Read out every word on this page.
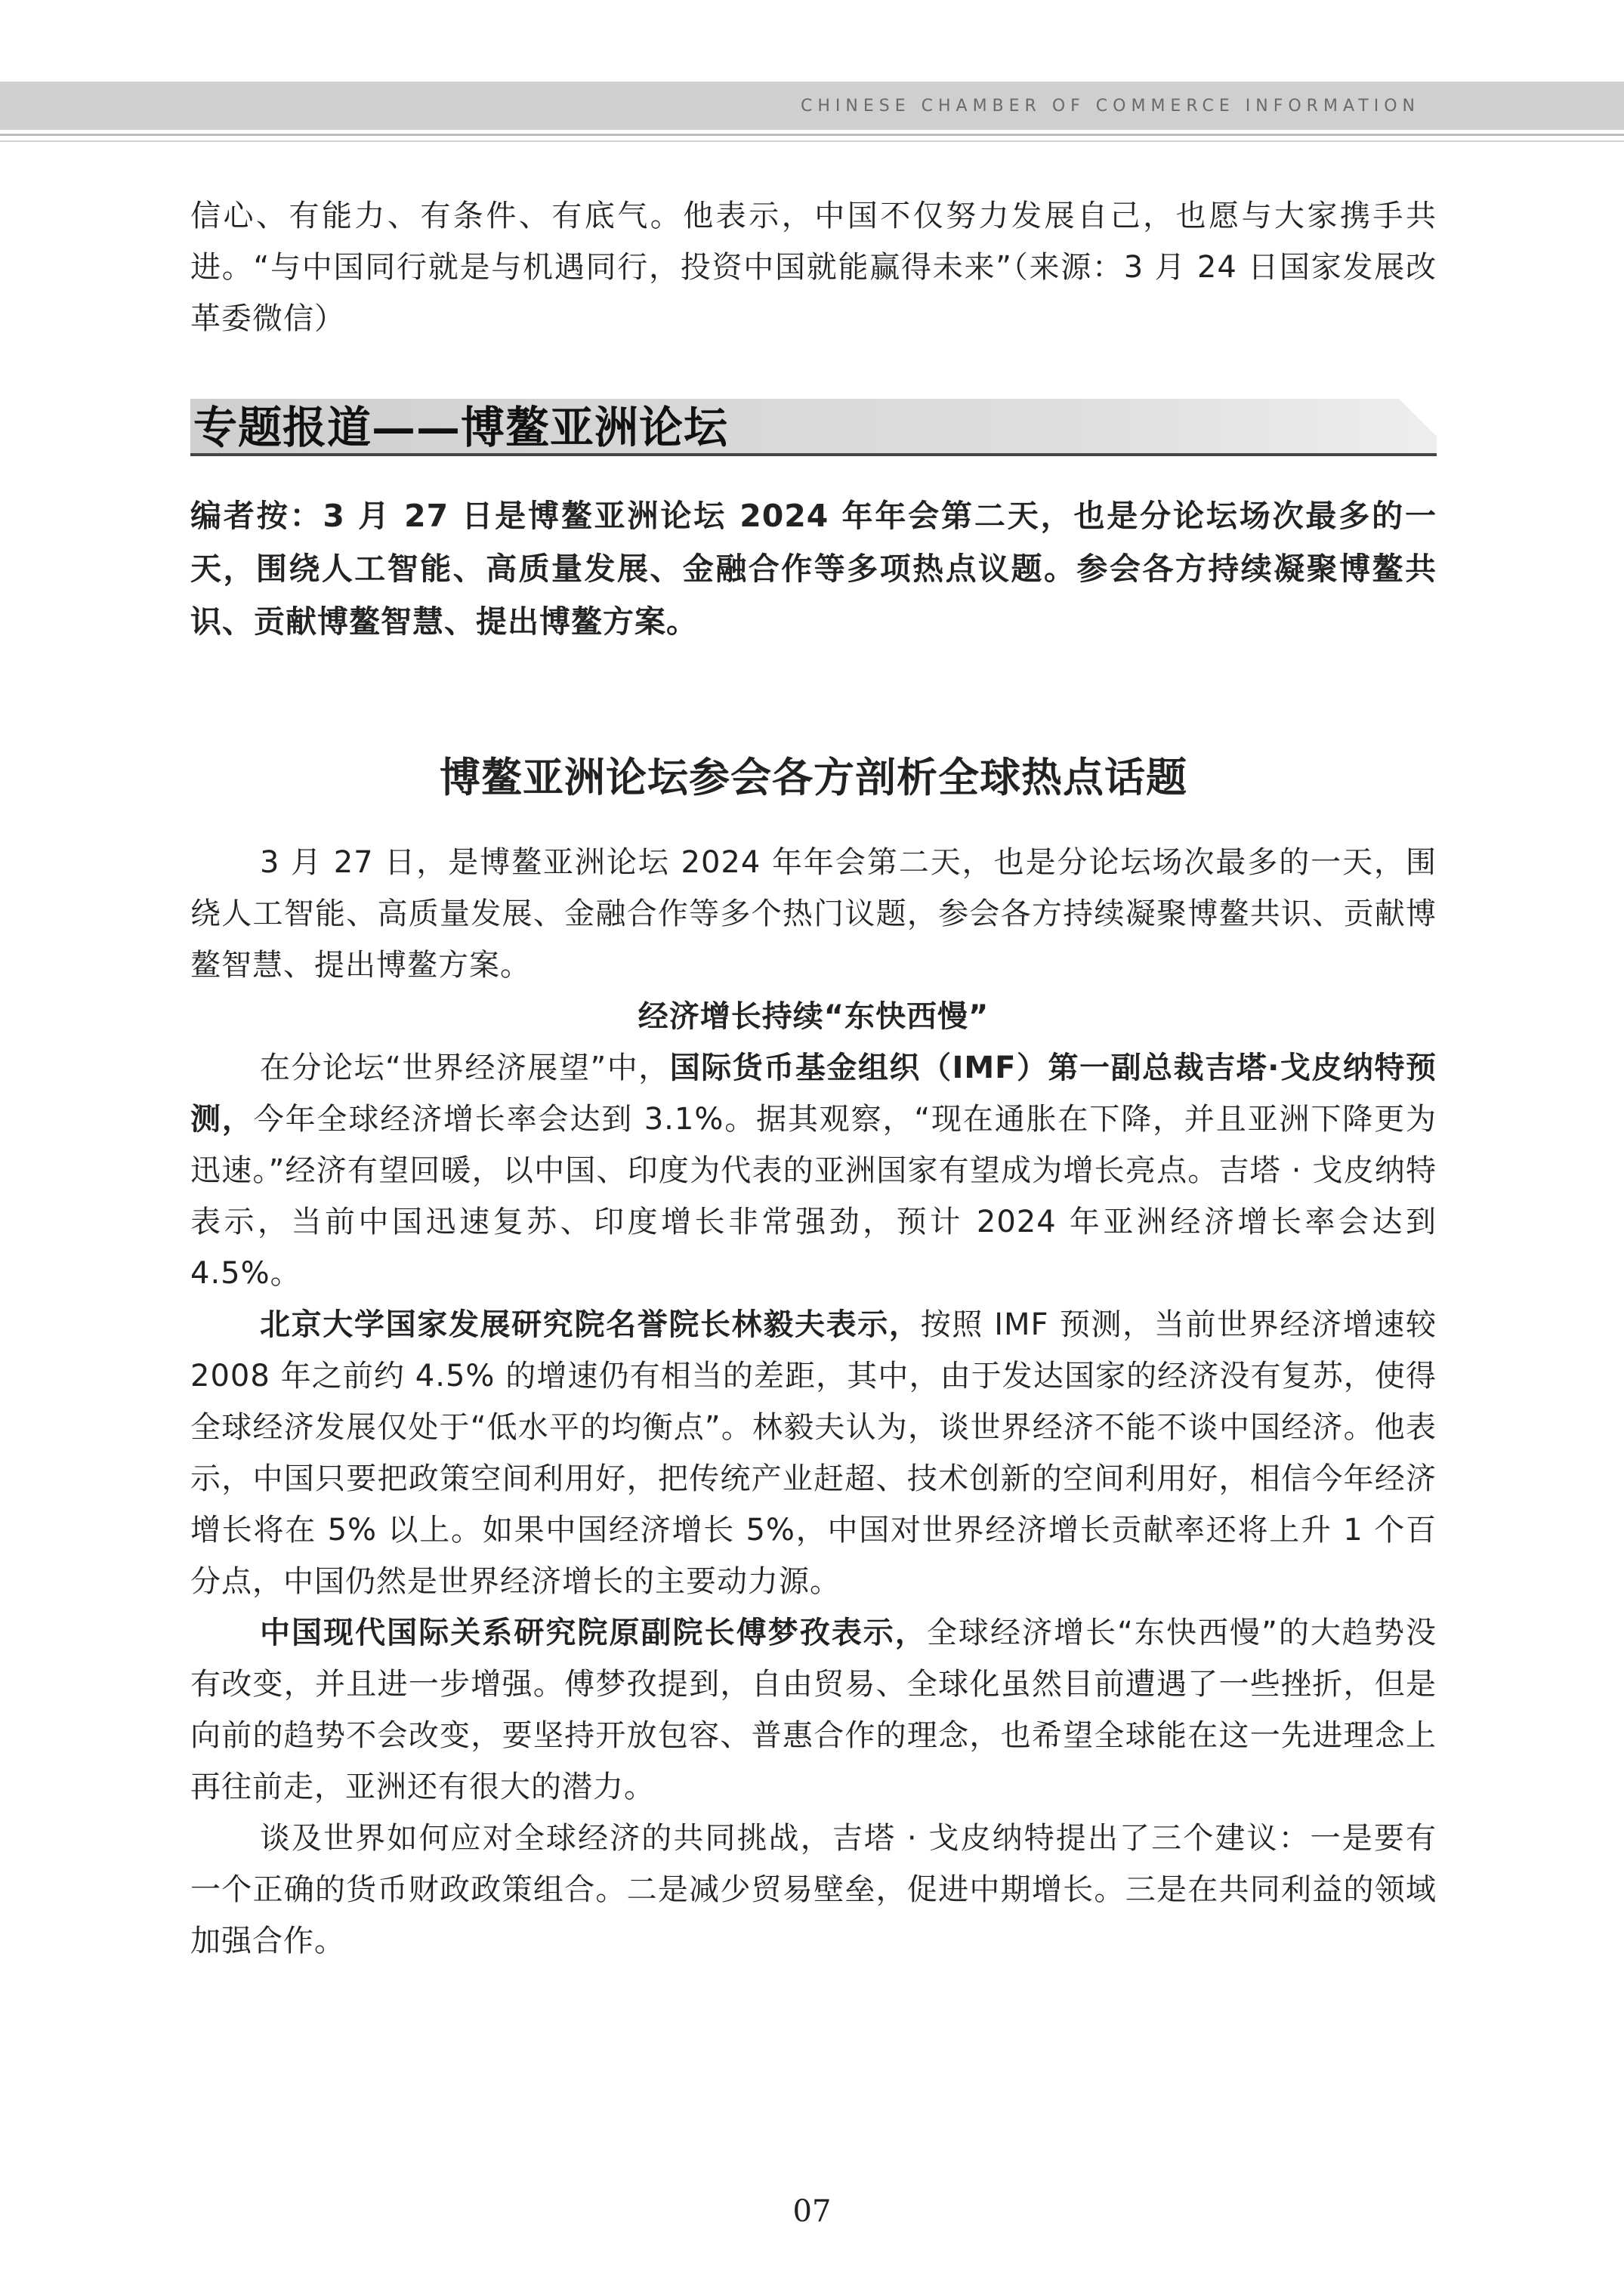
CHINESE CHAMBER OF COMMERCE INFORMATION

信心、有能力、有条件、有底气。他表示，中国不仅努力发展自己，也愿与大家携手共进。“与中国同行就是与机遇同行，投资中国就能赢得未来”（来源：3 月 24 日国家发展改革委微信）

专题报道——博鳌亚洲论坛

编者按：3 月 27 日是博鳌亚洲论坛 2024 年年会第二天，也是分论坛场次最多的一天，围绕人工智能、高质量发展、金融合作等多项热点议题。参会各方持续凝聚博鳌共识、贡献博鳌智慧、提出博鳌方案。

博鳌亚洲论坛参会各方剖析全球热点话题

3 月 27 日，是博鳌亚洲论坛 2024 年年会第二天，也是分论坛场次最多的一天，围绕人工智能、高质量发展、金融合作等多个热门议题，参会各方持续凝聚博鳌共识、贡献博鳌智慧、提出博鳌方案。

经济增长持续“东快西慢”

在分论坛“世界经济展望”中，国际货币基金组织（IMF）第一副总裁吉塔·戈皮纳特预测，今年全球经济增长率会达到 3.1%。据其观察，“现在通胀在下降，并且亚洲下降更为迅速。”经济有望回暖，以中国、印度为代表的亚洲国家有望成为增长亮点。吉塔 · 戈皮纳特表示，当前中国迅速复苏、印度增长非常强劲，预计 2024 年亚洲经济增长率会达到 4.5%。

北京大学国家发展研究院名誉院长林毅夫表示，按照 IMF 预测，当前世界经济增速较 2008 年之前约 4.5% 的增速仍有相当的差距，其中，由于发达国家的经济没有复苏，使得全球经济发展仅处于“低水平的均衡点”。林毅夫认为，谈世界经济不能不谈中国经济。他表示，中国只要把政策空间利用好，把传统产业赶超、技术创新的空间利用好，相信今年经济增长将在 5% 以上。如果中国经济增长 5%，中国对世界经济增长贡献率还将上升 1 个百分点，中国仍然是世界经济增长的主要动力源。

中国现代国际关系研究院原副院长傅梦孜表示，全球经济增长“东快西慢”的大趋势没有改变，并且进一步增强。傅梦孜提到，自由贸易、全球化虽然目前遭遇了一些挫折，但是向前的趋势不会改变，要坚持开放包容、普惠合作的理念，也希望全球能在这一先进理念上再往前走，亚洲还有很大的潜力。

谈及世界如何应对全球经济的共同挑战，吉塔 · 戈皮纳特提出了三个建议：一是要有一个正确的货币财政政策组合。二是减少贸易壁垒，促进中期增长。三是在共同利益的领域加强合作。

07
